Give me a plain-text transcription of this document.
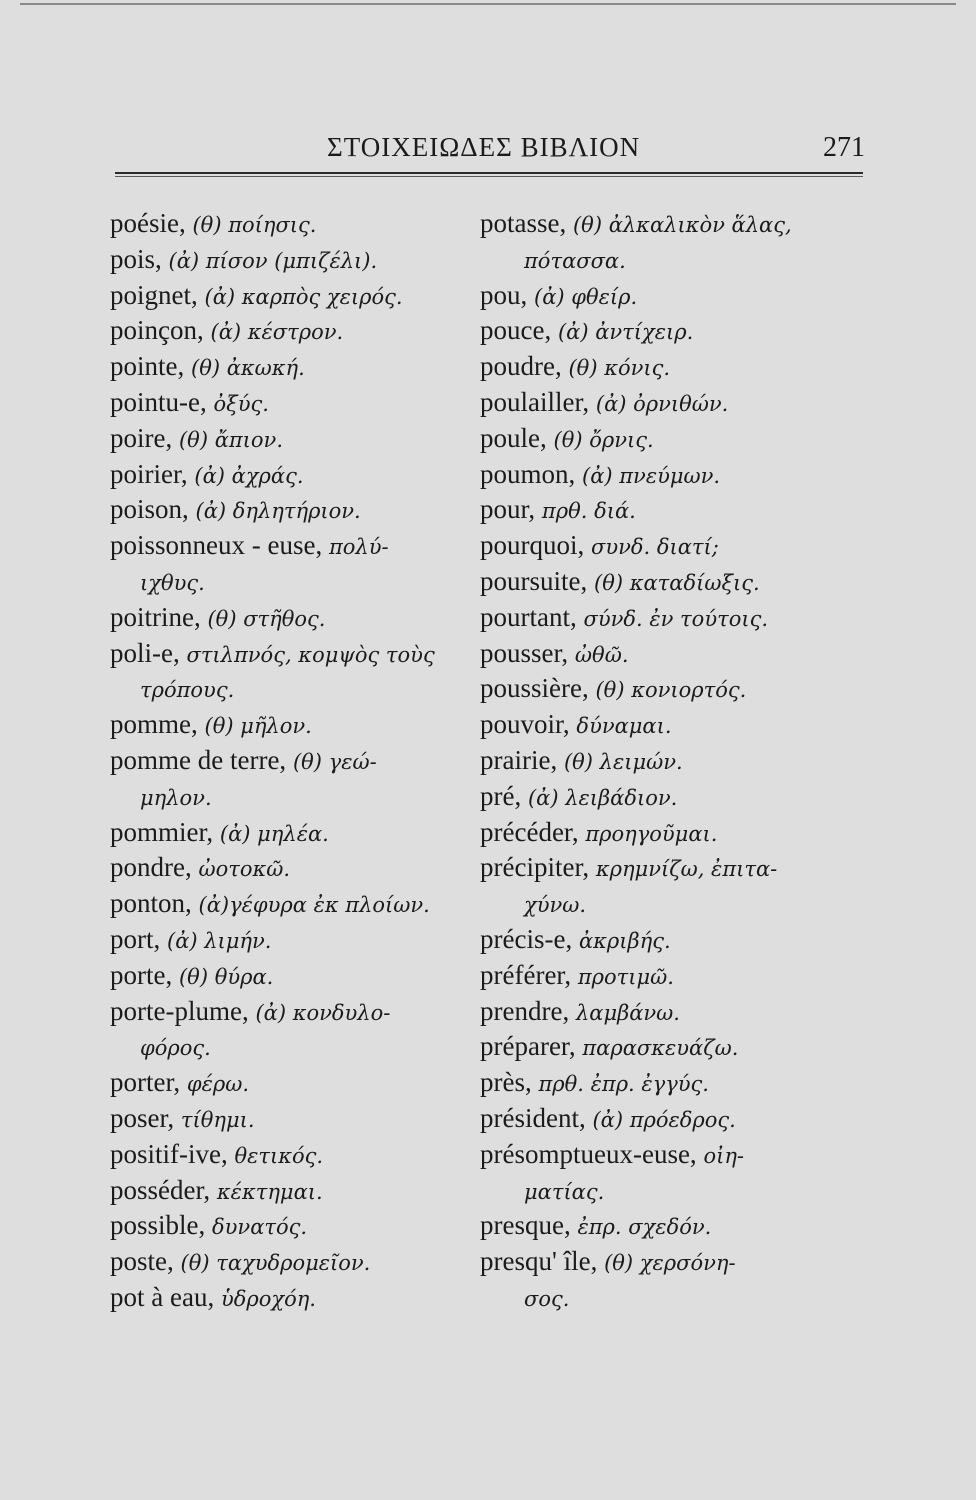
ΣΤΟΙΧΕΙΩΔΕΣ ΒΙΒΛΙΟΝ	271
poésie, (θ) ποίησις.
pois, (ἀ) πίσον (μπιζέλι).
poignet, (ἀ) καρπὸς χειρός.
poinçon, (ἀ) κέστρον.
pointe, (θ) ἀκωκή.
pointu-e, ὀξύς.
poire, (θ) ἄπιον.
poirier, (ἀ) ἀχράς.
poison, (ἀ) δηλητήριον.
poissonneux - euse, πολύ-
ιχθυς.
poitrine, (θ) στῆθος.
poli-e, στιλπνός, κομψὸς τοὺς
τρόπους.
pomme, (θ) μῆλον.
pomme de terre, (θ) γεώ-
μηλον.
pommier, (ἀ) μηλέα.
pondre, ὠοτοκῶ.
ponton, (ἀ)γέφυρα ἐκ πλοίων.
port, (ἀ) λιμήν.
porte, (θ) θύρα.
porte-plume, (ἀ) κονδυλο-
φόρος.
porter, φέρω.
poser, τίθημι.
positif-ive, θετικός.
posséder, κέκτημαι.
possible, δυνατός.
poste, (θ) ταχυδρομεῖον.
pot à eau, ὑδροχόη.
potasse, (θ) ἀλκαλικὸν ἅλας,
πότασσα.
pou, (ἀ) φθείρ.
pouce, (ἀ) ἀντίχειρ.
poudre, (θ) κόνις.
poulailler, (ἀ) ὀρνιθών.
poule, (θ) ὄρνις.
poumon, (ἀ) πνεύμων.
pour, πρθ. διά.
pourquoi, συνδ. διατί;
poursuite, (θ) καταδίωξις.
pourtant, σύνδ. ἐν τούτοις.
pousser, ὠθῶ.
poussière, (θ) κονιορτός.
pouvoir, δύναμαι.
prairie, (θ) λειμών.
pré, (ἀ) λειβάδιον.
précéder, προηγοῦμαι.
précipiter, κρημνίζω, ἐπιτα-
χύνω.
précis-e, ἀκριβής.
préférer, προτιμῶ.
prendre, λαμβάνω.
préparer, παρασκευάζω.
près, πρθ. ἐπρ. ἐγγύς.
président, (ἀ) πρόεδρος.
présomptueux-euse, οἰη-
ματίας.
presque, ἐπρ. σχεδόν.
presqu' île, (θ) χερσόνη-
σος.
